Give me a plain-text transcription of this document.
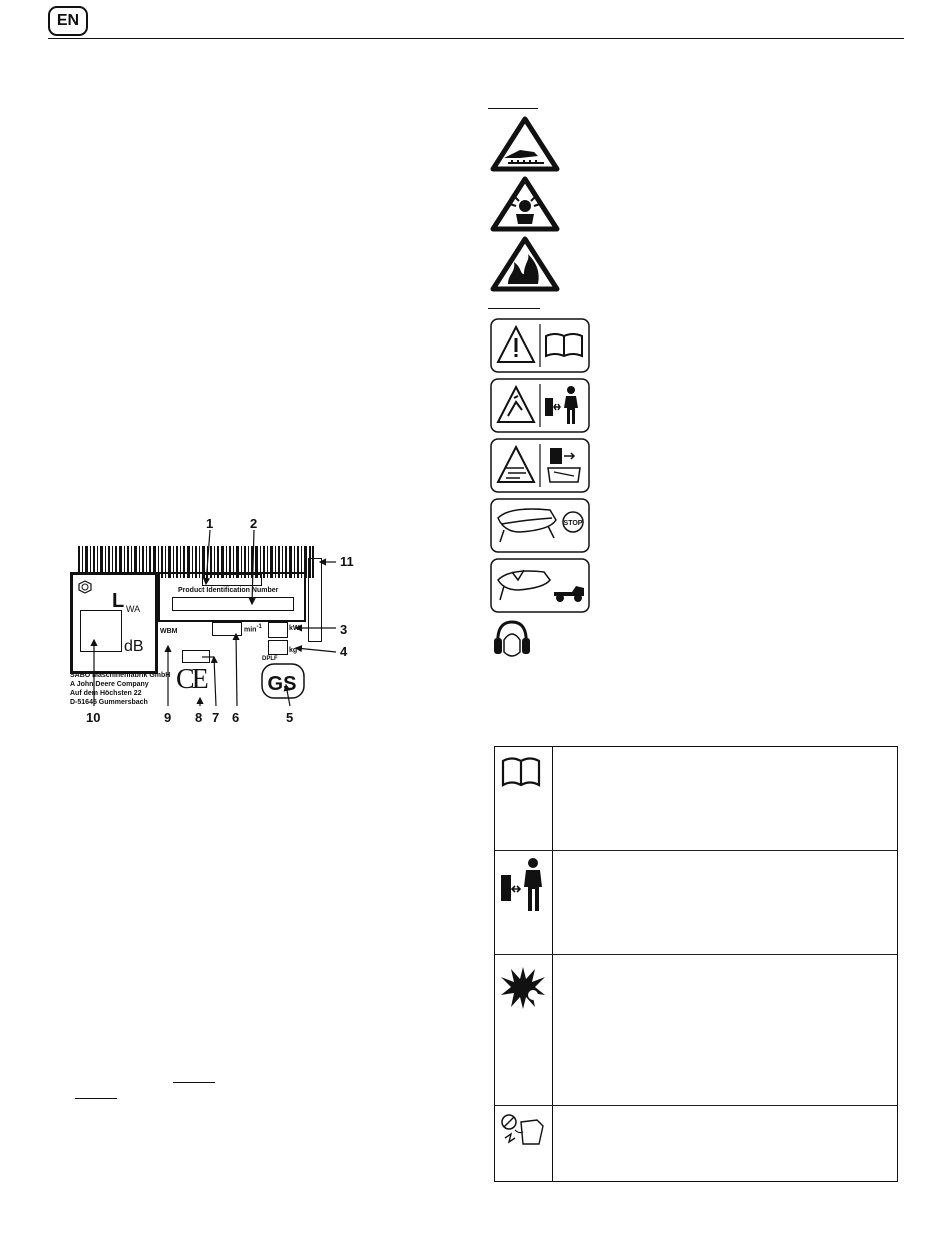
EN
L WA
dB
SABO Maschinenfabrik GmbH
A John Deere Company
Auf dem Höchsten 22
D-51645 Gummersbach
Product Identification Number
$\min^{-1}$	kW
kg
WBM
CE	GS
DPLF
1	2
3
4
5
6
7
8
9
10
11
STOP
